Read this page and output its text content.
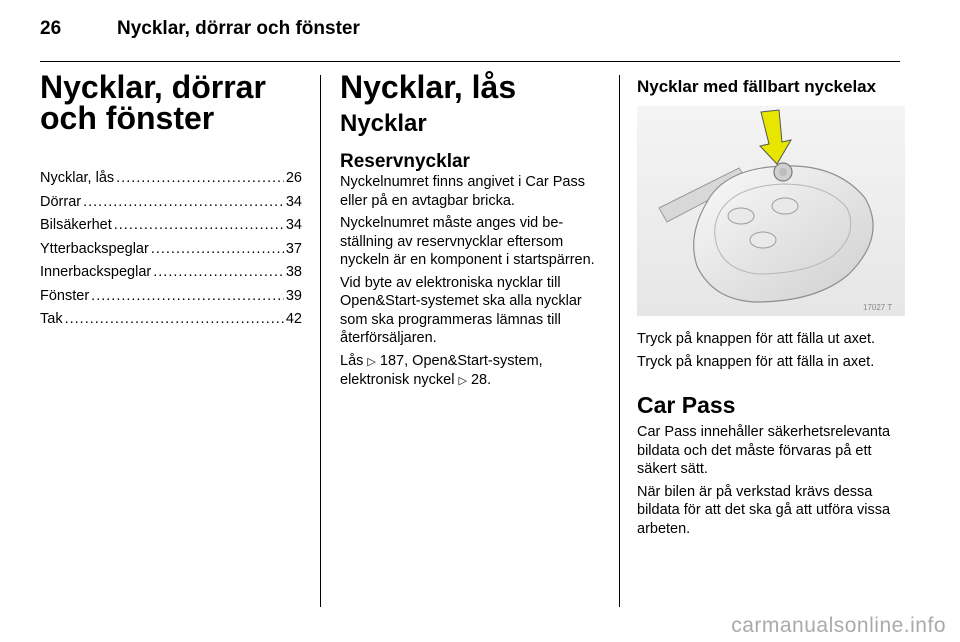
26	Nycklar, dörrar och fönster
Nycklar, dörrar och fönster
Nycklar, lås .....	26
Dörrar .....	34
Bilsäkerhet .....	34
Ytterbackspeglar .....	37
Innerbackspeglar .....	38
Fönster .....	39
Tak .....	42
Nycklar, lås
Nycklar
Reservnycklar

Nyckelnumret finns angivet i Car Pass eller på en avtagbar bricka.

Nyckelnumret måste anges vid beställning av reservnycklar eftersom nyckeln är en komponent i startspärren.

Vid byte av elektroniska nycklar till Open&Start-systemet ska alla nycklar som ska programmeras lämnas till återförsäljaren.

Lås ▷ 187, Open&Start-system, elektronisk nyckel ▷ 28.

Nycklar med fällbart nyckelax
17027 T

Tryck på knappen för att fälla ut axet.

Tryck på knappen för att fälla in axet.

Car Pass

Car Pass innehåller säkerhetsrelevanta bildata och det måste förvaras på ett säkert sätt.

När bilen är på verkstad krävs dessa bildata för att det ska gå att utföra vissa arbeten.

carmanualsonline.info
